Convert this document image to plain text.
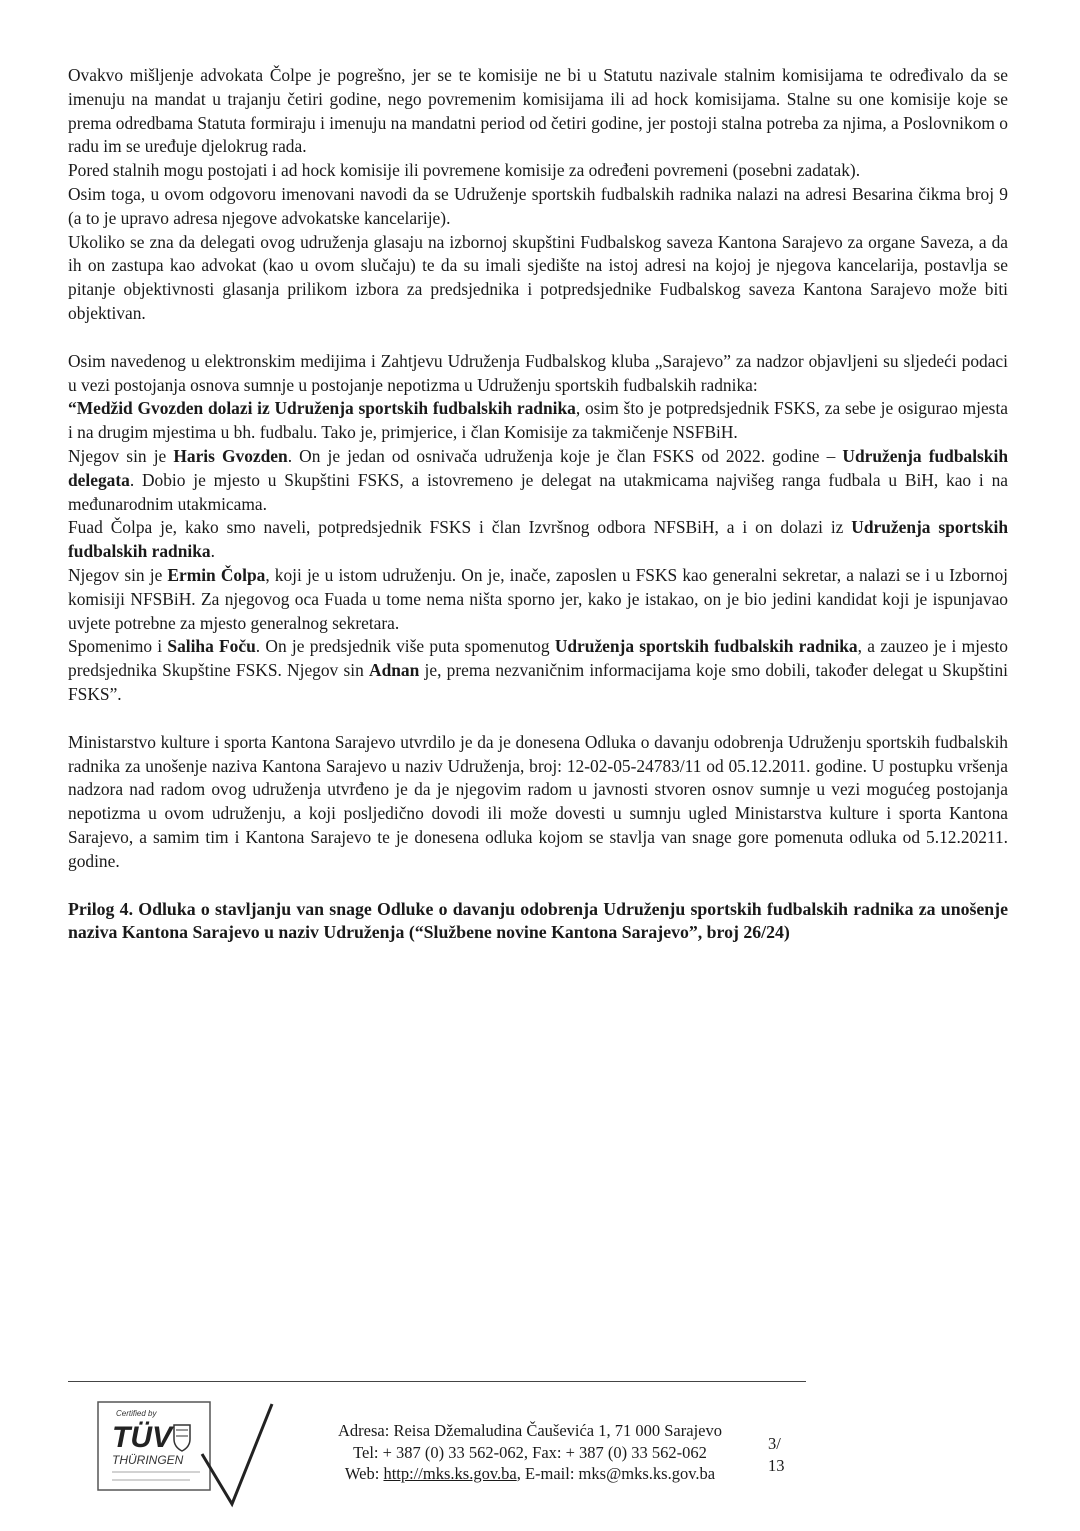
Ovakvo mišljenje advokata Čolpe je pogrešno, jer se te komisije ne bi u Statutu nazivale stalnim komisijama te određivalo da se imenuju na mandat u trajanju četiri godine, nego povremenim komisijama ili ad hock komisijama. Stalne su one komisije koje se prema odredbama Statuta formiraju i imenuju na mandatni period od četiri godine, jer postoji stalna potreba za njima, a Poslovnikom o radu im se uređuje djelokrug rada.

Pored stalnih mogu postojati i ad hock komisije ili povremene komisije za određeni povremeni (posebni zadatak).

Osim toga, u ovom odgovoru imenovani navodi da se Udruženje sportskih fudbalskih radnika nalazi na adresi Besarina čikma broj 9 (a to je upravo adresa njegove advokatske kancelarije).

Ukoliko se zna da delegati ovog udruženja glasaju na izbornoj skupštini Fudbalskog saveza Kantona Sarajevo za organe Saveza, a da ih on zastupa kao advokat (kao u ovom slučaju) te da su imali sjedište na istoj adresi na kojoj je njegova kancelarija, postavlja se pitanje objektivnosti glasanja prilikom izbora za predsjednika i potpredsjednike Fudbalskog saveza Kantona Sarajevo može biti objektivan.

Osim navedenog u elektronskim medijima i Zahtjevu Udruženja Fudbalskog kluba „Sarajevo” za nadzor objavljeni su sljedeći podaci u vezi postojanja osnova sumnje u postojanje nepotizma u Udruženju sportskih fudbalskih radnika:

“Medžid Gvozden dolazi iz Udruženja sportskih fudbalskih radnika, osim što je potpredsjednik FSKS, za sebe je osigurao mjesta i na drugim mjestima u bh. fudbalu. Tako je, primjerice, i član Komisije za takmičenje NSFBiH.

Njegov sin je Haris Gvozden. On je jedan od osnivača udruženja koje je član FSKS od 2022. godine – Udruženja fudbalskih delegata. Dobio je mjesto u Skupštini FSKS, a istovremeno je delegat na utakmicama najvišeg ranga fudbala u BiH, kao i na međunarodnim utakmicama.

Fuad Čolpa je, kako smo naveli, potpredsjednik FSKS i član Izvršnog odbora NFSBiH, a i on dolazi iz Udruženja sportskih fudbalskih radnika.

Njegov sin je Ermin Čolpa, koji je u istom udruženju. On je, inače, zaposlen u FSKS kao generalni sekretar, a nalazi se i u Izbornoj komisiji NFSBiH. Za njegovog oca Fuada u tome nema ništa sporno jer, kako je istakao, on je bio jedini kandidat koji je ispunjavao uvjete potrebne za mjesto generalnog sekretara.

Spomenimo i Saliha Foču. On je predsjednik više puta spomenutog Udruženja sportskih fudbalskih radnika, a zauzeo je i mjesto predsjednika Skupštine FSKS. Njegov sin Adnan je, prema nezvaničnim informacijama koje smo dobili, također delegat u Skupštini FSKS”.

Ministarstvo kulture i sporta Kantona Sarajevo utvrdilo je da je donesena Odluka o davanju odobrenja Udruženju sportskih fudbalskih radnika za unošenje naziva Kantona Sarajevo u naziv Udruženja, broj: 12-02-05-24783/11 od 05.12.2011. godine. U postupku vršenja nadzora nad radom ovog udruženja utvrđeno je da je njegovim radom u javnosti stvoren osnov sumnje u vezi mogućeg postojanja nepotizma u ovom udruženju, a koji posljedično dovodi ili može dovesti u sumnju ugled Ministarstva kulture i sporta Kantona Sarajevo, a samim tim i Kantona Sarajevo te je donesena odluka kojom se stavlja van snage gore pomenuta odluka od 5.12.20211. godine.

Prilog 4. Odluka o stavljanju van snage Odluke o davanju odobrenja Udruženju sportskih fudbalskih radnika za unošenje naziva Kantona Sarajevo u naziv Udruženja (“Službene novine Kantona Sarajevo”, broj 26/24)

Certified by
TÜV
THÜRINGEN

Adresa: Reisa Džemaludina Čauševića 1, 71 000 Sarajevo

Tel: + 387 (0) 33 562-062, Fax: + 387 (0) 33 562-062

Web: http://mks.ks.gov.ba, E-mail: mks@mks.ks.gov.ba

3/

13
